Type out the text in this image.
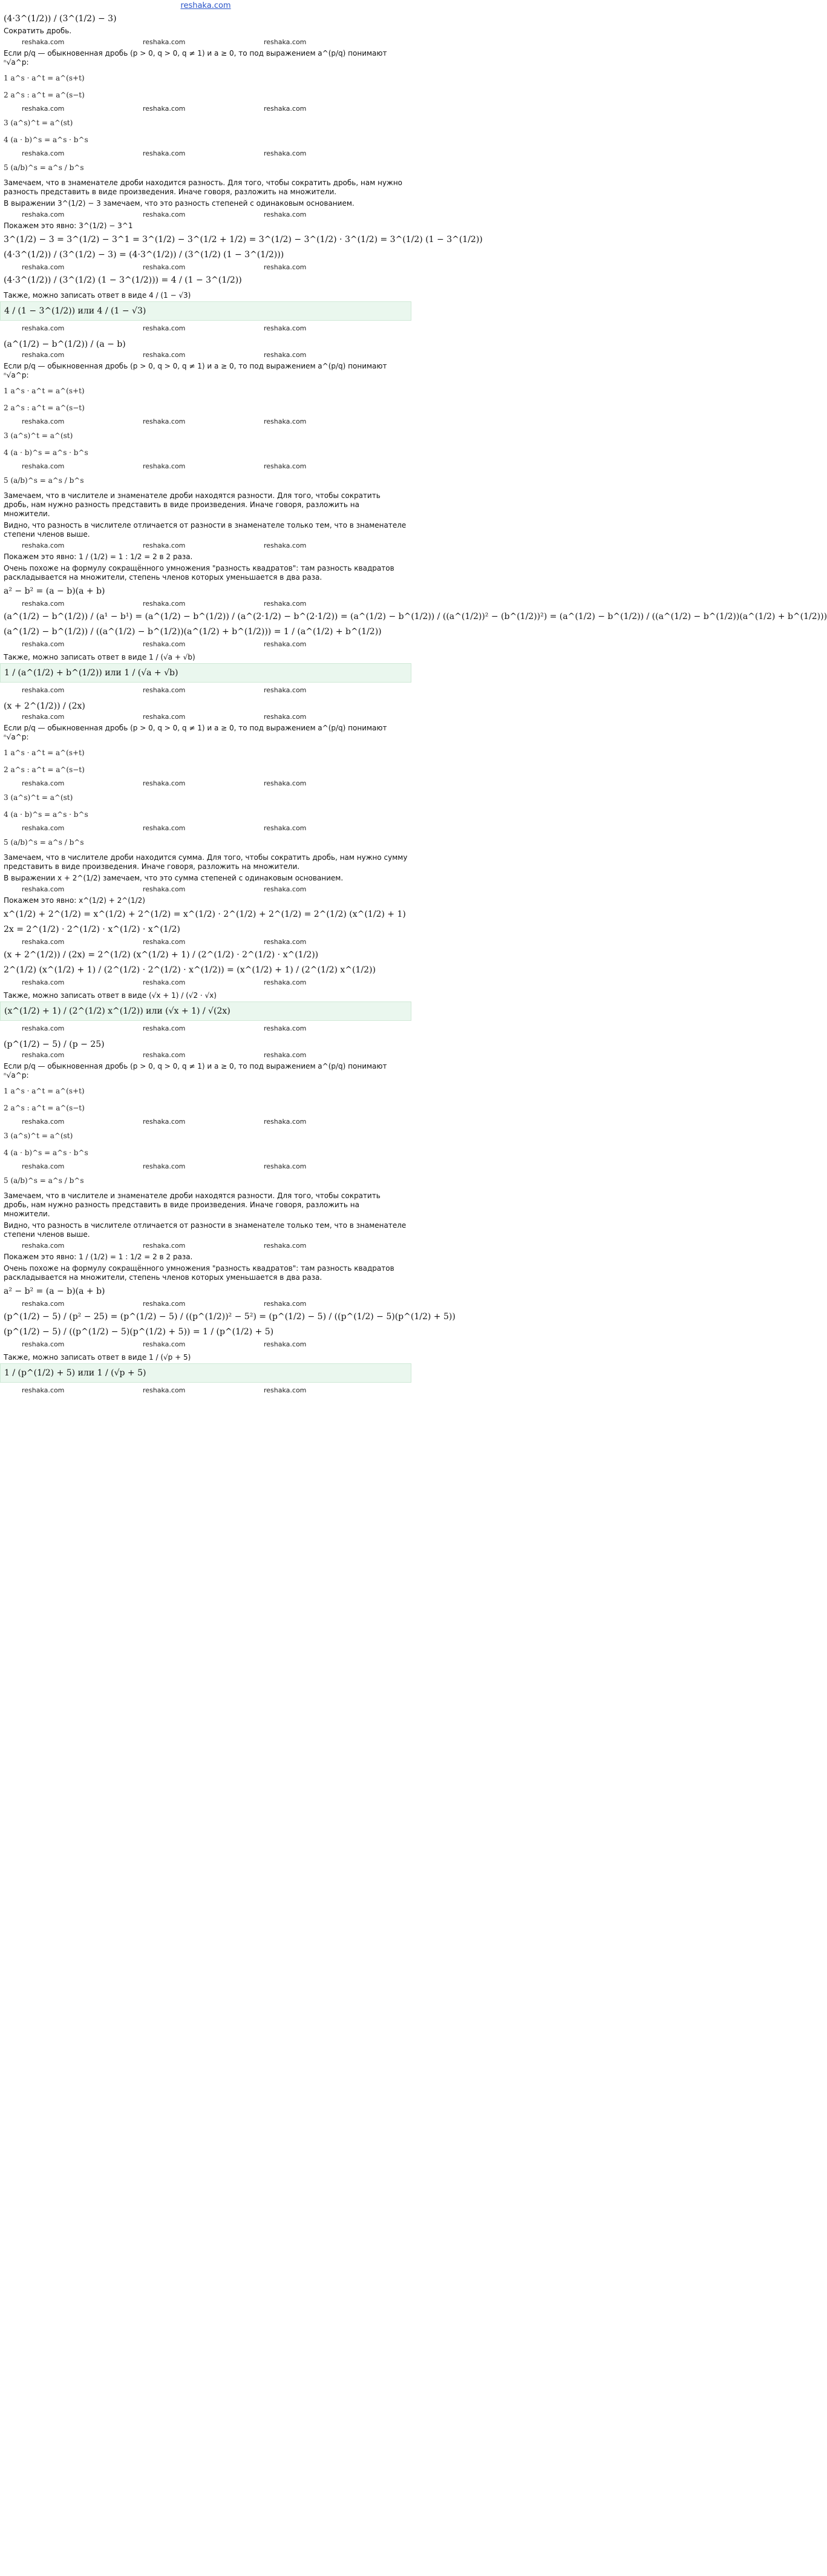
reshaka.com
(4·3^(1/2)) / (3^(1/2) − 3)
Сократить дробь.
reshaka.com	reshaka.com	reshaka.com
Если p/q — обыкновенная дробь (p > 0, q > 0, q ≠ 1) и a ≥ 0, то под выражением a^(p/q) понимают ⁿ√a^p:
1 a^s · a^t = a^(s+t)
2 a^s : a^t = a^(s−t)
reshaka.com	reshaka.com	reshaka.com
3 (a^s)^t = a^(st)
4 (a · b)^s = a^s · b^s
reshaka.com	reshaka.com	reshaka.com
5 (a/b)^s = a^s / b^s
Замечаем, что в знаменателе дроби находится разность. Для того, чтобы сократить дробь, нам нужно разность представить в виде произведения. Иначе говоря, разложить на множители.
В выражении 3^(1/2) − 3 замечаем, что это разность степеней с одинаковым основанием.
reshaka.com	reshaka.com	reshaka.com
Покажем это явно: 3^(1/2) − 3^1
3^(1/2) − 3 = 3^(1/2) − 3^1 = 3^(1/2) − 3^(1/2 + 1/2) = 3^(1/2) − 3^(1/2) · 3^(1/2) = 3^(1/2) (1 − 3^(1/2))
(4·3^(1/2)) / (3^(1/2) − 3) = (4·3^(1/2)) / (3^(1/2) (1 − 3^(1/2)))
reshaka.com	reshaka.com	reshaka.com
(4·3^(1/2)) / (3^(1/2) (1 − 3^(1/2))) = 4 / (1 − 3^(1/2))
Также, можно записать ответ в виде 4 / (1 − √3)
4 / (1 − 3^(1/2)) или 4 / (1 − √3)
reshaka.com	reshaka.com	reshaka.com
(a^(1/2) − b^(1/2)) / (a − b)
reshaka.com	reshaka.com	reshaka.com
Если p/q — обыкновенная дробь (p > 0, q > 0, q ≠ 1) и a ≥ 0, то под выражением a^(p/q) понимают ⁿ√a^p:
1 a^s · a^t = a^(s+t)
2 a^s : a^t = a^(s−t)
reshaka.com	reshaka.com	reshaka.com
3 (a^s)^t = a^(st)
4 (a · b)^s = a^s · b^s
reshaka.com	reshaka.com	reshaka.com
5 (a/b)^s = a^s / b^s
Замечаем, что в числителе и знаменателе дроби находятся разности. Для того, чтобы сократить дробь, нам нужно разность представить в виде произведения. Иначе говоря, разложить на множители.
Видно, что разность в числителе отличается от разности в знаменателе только тем, что в знаменателе степени членов выше.
reshaka.com	reshaka.com	reshaka.com
Покажем это явно: 1 / (1/2) = 1 : 1/2 = 2 в 2 раза.
Очень похоже на формулу сокращённого умножения "разность квадратов": там разность квадратов раскладывается на множители, степень членов которых уменьшается в два раза.
a² − b² = (a − b)(a + b)
reshaka.com	reshaka.com	reshaka.com
(a^(1/2) − b^(1/2)) / (a¹ − b¹) = (a^(1/2) − b^(1/2)) / (a^(2·1/2) − b^(2·1/2)) = (a^(1/2) − b^(1/2)) / ((a^(1/2))² − (b^(1/2))²) = (a^(1/2) − b^(1/2)) / ((a^(1/2) − b^(1/2))(a^(1/2) + b^(1/2)))
(a^(1/2) − b^(1/2)) / ((a^(1/2) − b^(1/2))(a^(1/2) + b^(1/2))) = 1 / (a^(1/2) + b^(1/2))
reshaka.com	reshaka.com	reshaka.com
Также, можно записать ответ в виде 1 / (√a + √b)
1 / (a^(1/2) + b^(1/2)) или 1 / (√a + √b)
reshaka.com	reshaka.com	reshaka.com
(x + 2^(1/2)) / (2x)
reshaka.com	reshaka.com	reshaka.com
Если p/q — обыкновенная дробь (p > 0, q > 0, q ≠ 1) и a ≥ 0, то под выражением a^(p/q) понимают ⁿ√a^p:
1 a^s · a^t = a^(s+t)
2 a^s : a^t = a^(s−t)
reshaka.com	reshaka.com	reshaka.com
3 (a^s)^t = a^(st)
4 (a · b)^s = a^s · b^s
reshaka.com	reshaka.com	reshaka.com
5 (a/b)^s = a^s / b^s
Замечаем, что в числителе дроби находится сумма. Для того, чтобы сократить дробь, нам нужно сумму представить в виде произведения. Иначе говоря, разложить на множители.
В выражении x + 2^(1/2) замечаем, что это сумма степеней с одинаковым основанием.
reshaka.com	reshaka.com	reshaka.com
Покажем это явно: x^(1/2) + 2^(1/2)
x^(1/2) + 2^(1/2) = x^(1/2) + 2^(1/2) = x^(1/2) · 2^(1/2) + 2^(1/2) = 2^(1/2) (x^(1/2) + 1)
2x = 2^(1/2) · 2^(1/2) · x^(1/2) · x^(1/2)
reshaka.com	reshaka.com	reshaka.com
(x + 2^(1/2)) / (2x) = 2^(1/2) (x^(1/2) + 1) / (2^(1/2) · 2^(1/2) · x^(1/2))
2^(1/2) (x^(1/2) + 1) / (2^(1/2) · 2^(1/2) · x^(1/2)) = (x^(1/2) + 1) / (2^(1/2) x^(1/2))
reshaka.com	reshaka.com	reshaka.com
Также, можно записать ответ в виде (√x + 1) / (√2 · √x)
(x^(1/2) + 1) / (2^(1/2) x^(1/2)) или (√x + 1) / √(2x)
reshaka.com	reshaka.com	reshaka.com
(p^(1/2) − 5) / (p − 25)
reshaka.com	reshaka.com	reshaka.com
Если p/q — обыкновенная дробь (p > 0, q > 0, q ≠ 1) и a ≥ 0, то под выражением a^(p/q) понимают ⁿ√a^p:
1 a^s · a^t = a^(s+t)
2 a^s : a^t = a^(s−t)
reshaka.com	reshaka.com	reshaka.com
3 (a^s)^t = a^(st)
4 (a · b)^s = a^s · b^s
reshaka.com	reshaka.com	reshaka.com
5 (a/b)^s = a^s / b^s
Замечаем, что в числителе и знаменателе дроби находятся разности. Для того, чтобы сократить дробь, нам нужно разность представить в виде произведения. Иначе говоря, разложить на множители.
Видно, что разность в числителе отличается от разности в знаменателе только тем, что в знаменателе степени членов выше.
reshaka.com	reshaka.com	reshaka.com
Покажем это явно: 1 / (1/2) = 1 : 1/2 = 2 в 2 раза.
Очень похоже на формулу сокращённого умножения "разность квадратов": там разность квадратов раскладывается на множители, степень членов которых уменьшается в два раза.
a² − b² = (a − b)(a + b)
reshaka.com	reshaka.com	reshaka.com
(p^(1/2) − 5) / (p² − 25) = (p^(1/2) − 5) / ((p^(1/2))² − 5²) = (p^(1/2) − 5) / ((p^(1/2) − 5)(p^(1/2) + 5))
(p^(1/2) − 5) / ((p^(1/2) − 5)(p^(1/2) + 5)) = 1 / (p^(1/2) + 5)
reshaka.com	reshaka.com	reshaka.com
Также, можно записать ответ в виде 1 / (√p + 5)
1 / (p^(1/2) + 5) или 1 / (√p + 5)
reshaka.com	reshaka.com	reshaka.com
